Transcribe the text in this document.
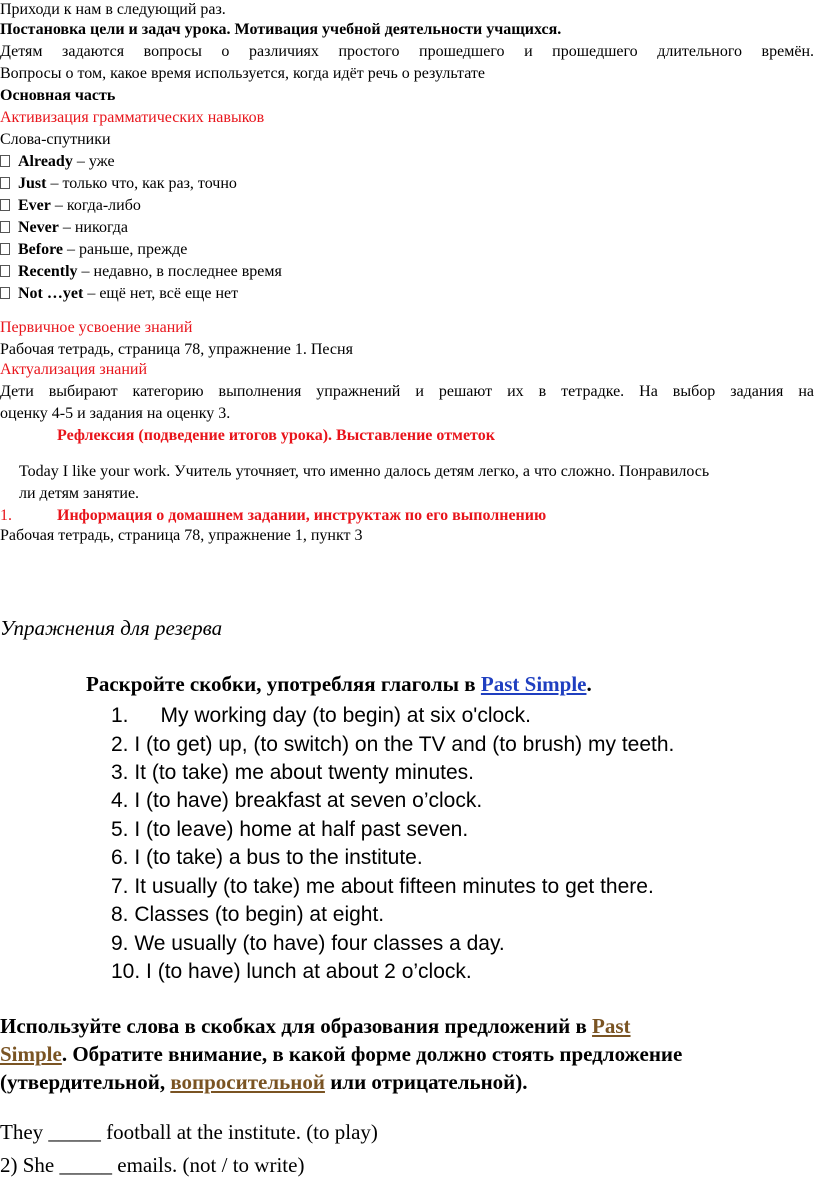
Приходи к нам в следующий раз.
Постановка цели и задач урока. Мотивация учебной деятельности учащихся.
Детям задаются вопросы о различиях простого прошедшего и прошедшего длительного времён.
Вопросы о том, какое время используется, когда идёт речь о результате
Основная часть
Активизация грамматических навыков
Слова-спутники
Already – уже
Just – только что, как раз, точно
Ever – когда-либо
Never – никогда
Before – раньше, прежде
Recently – недавно, в последнее время
Not …yet – ещё нет, всё еще нет
Первичное усвоение знаний
Рабочая тетрадь, страница 78, упражнение 1. Песня
Актуализация знаний
Дети выбирают категорию выполнения упражнений и решают их в тетрадке. На выбор задания на
оценку 4-5 и задания на оценку 3.
Рефлексия (подведение итогов урока). Выставление отметок
Today I like your work. Учитель уточняет, что именно далось детям легко, а что сложно. Понравилось
ли детям занятие.
1.	Информация о домашнем задании, инструктаж по его выполнению
Рабочая тетрадь, страница 78, упражнение 1, пункт 3
Упражнения для резерва
Раскройте скобки, употребляя глаголы в Past Simple.
1. My working day (to begin) at six o'clock.
2. I (to get) up, (to switch) on the TV and (to brush) my teeth.
3. It (to take) me about twenty minutes.
4. I (to have) breakfast at seven o’clock.
5. I (to leave) home at half past seven.
6. I (to take) a bus to the institute.
7. It usually (to take) me about fifteen minutes to get there.
8. Classes (to begin) at eight.
9. We usually (to have) four classes a day.
10. I (to have) lunch at about 2 o’clock.
Используйте слова в скобках для образования предложений в Past
Simple. Обратите внимание, в какой форме должно стоять предложение
(утвердительной, вопросительной или отрицательной).
They _____ football at the institute. (to play)
2) She _____ emails. (not / to write)
